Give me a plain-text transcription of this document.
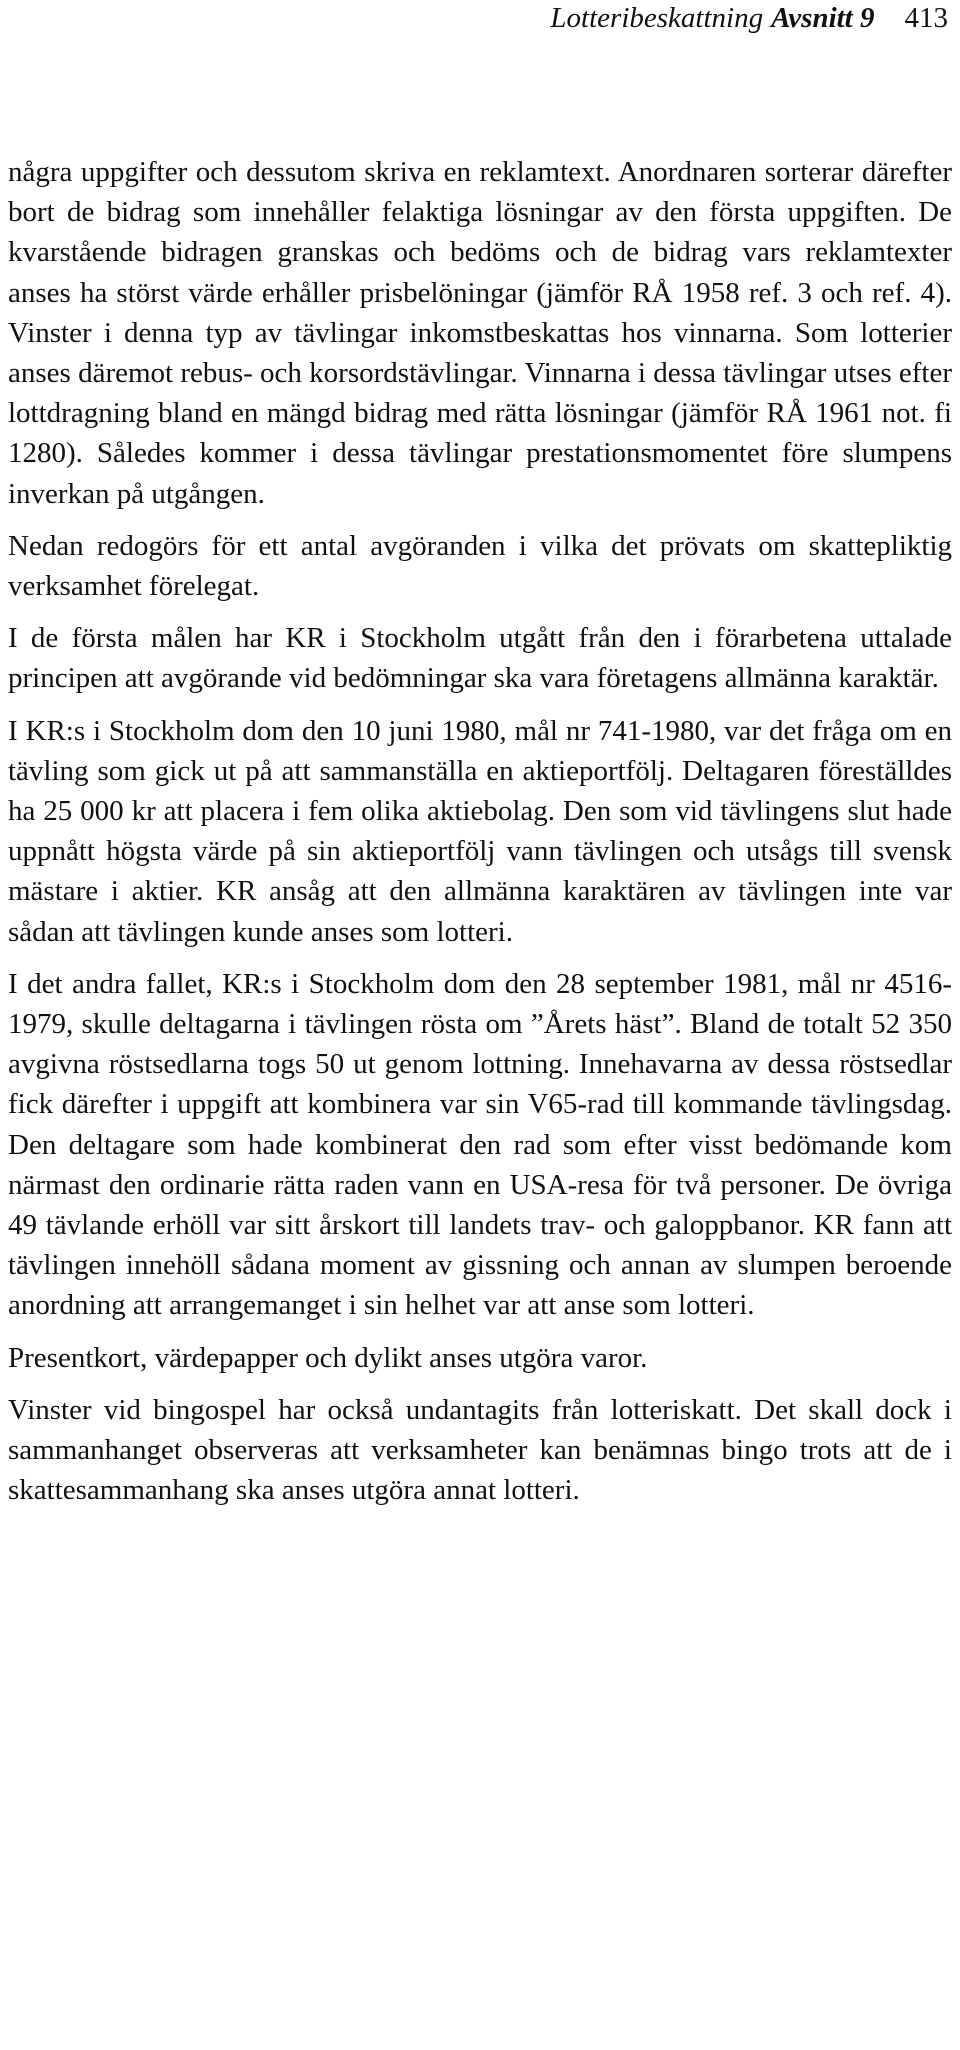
Lotteribeskattning Avsnitt 9 413

några uppgifter och dessutom skriva en reklamtext. Anordnaren sorterar därefter bort de bidrag som innehåller felaktiga lösningar av den första uppgiften. De kvarstående bidragen granskas och bedöms och de bidrag vars reklamtexter anses ha störst värde erhåller prisbelöningar (jämför RÅ 1958 ref. 3 och ref. 4). Vinster i denna typ av tävlingar inkomstbeskattas hos vinnarna. Som lotterier anses däremot rebus- och korsordstävlingar. Vinnarna i dessa tävlingar utses efter lottdragning bland en mängd bidrag med rätta lösningar (jämför RÅ 1961 not. fi 1280). Således kommer i dessa tävlingar prestationsmomentet före slumpens inverkan på utgången.

Nedan redogörs för ett antal avgöranden i vilka det prövats om skattepliktig verksamhet förelegat.

I de första målen har KR i Stockholm utgått från den i förarbetena uttalade principen att avgörande vid bedömningar ska vara företagens allmänna karaktär.

I KR:s i Stockholm dom den 10 juni 1980, mål nr 741-1980, var det fråga om en tävling som gick ut på att sammanställa en aktieportfölj. Deltagaren föreställdes ha 25 000 kr att placera i fem olika aktiebolag. Den som vid tävlingens slut hade uppnått högsta värde på sin aktieportfölj vann tävlingen och utsågs till svensk mästare i aktier. KR ansåg att den allmänna karaktären av tävlingen inte var sådan att tävlingen kunde anses som lotteri.

I det andra fallet, KR:s i Stockholm dom den 28 september 1981, mål nr 4516-1979, skulle deltagarna i tävlingen rösta om ”Årets häst”. Bland de totalt 52 350 avgivna röstsedlarna togs 50 ut genom lottning. Innehavarna av dessa röstsedlar fick därefter i uppgift att kombinera var sin V65-rad till kommande tävlingsdag. Den deltagare som hade kombinerat den rad som efter visst bedömande kom närmast den ordinarie rätta raden vann en USA-resa för två personer. De övriga 49 tävlande erhöll var sitt årskort till landets trav- och galoppbanor. KR fann att tävlingen innehöll sådana moment av gissning och annan av slumpen beroende anordning att arrangemanget i sin helhet var att anse som lotteri.

Presentkort, värdepapper och dylikt anses utgöra varor.

Vinster vid bingospel har också undantagits från lotteriskatt. Det skall dock i sammanhanget observeras att verksamheter kan benämnas bingo trots att de i skattesammanhang ska anses utgöra annat lotteri.
